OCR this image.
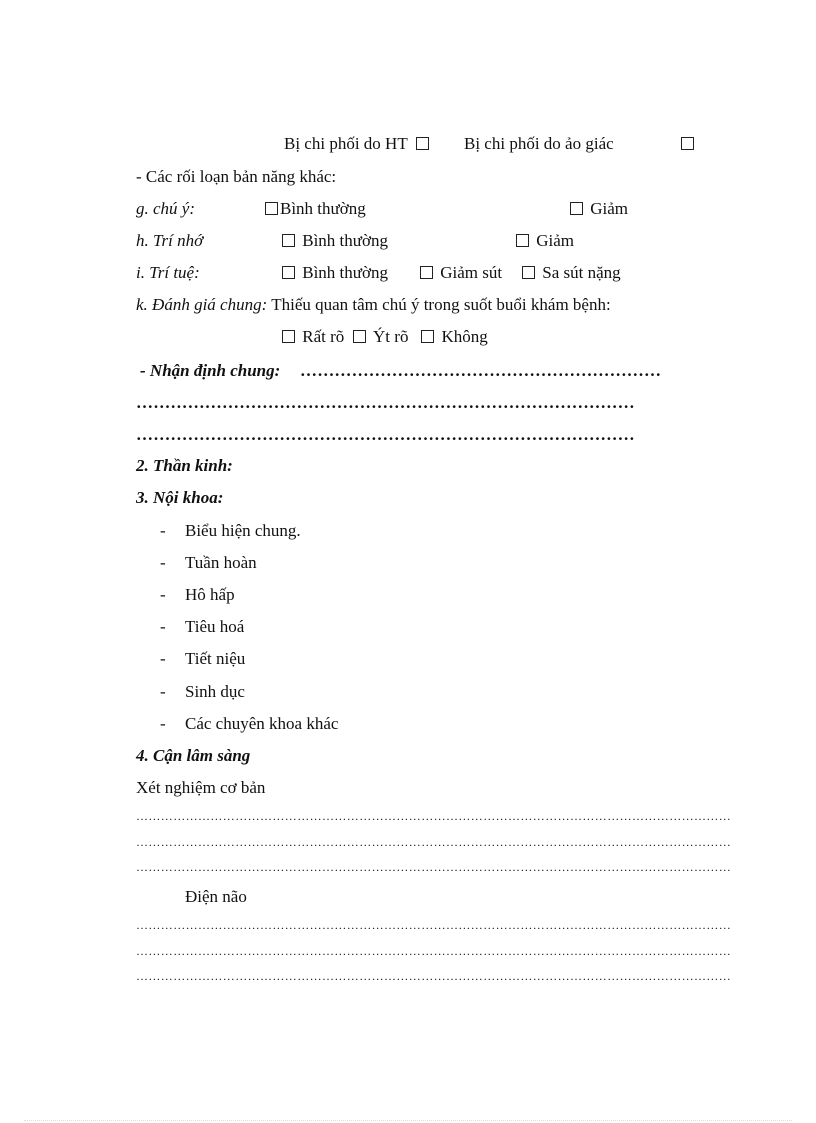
Bị chi phối do HT	Bị chi phối do ảo giác
- Các rối loạn bản năng khác:
g. chú ý:	Bình thường	Giảm
h. Trí nhớ	Bình thường	Giảm
i. Trí tuệ:	Bình thường	Giảm sút	Sa sút nặng
k. Đánh giá chung: Thiếu quan tâm chú ý trong suốt buổi khám bệnh:
Rất rõ Ýt rõ Không
- Nhận định chung: ………………………………………………………
……………………………………………………………………………
……………………………………………………………………………
2. Thần kinh:
3. Nội khoa:
- Biểu hiện chung.
- Tuần hoàn
- Hô hấp
- Tiêu hoá
- Tiết niệu
- Sinh dục
- Các chuyên khoa khác
4. Cận lâm sàng
Xét nghiệm cơ bản
………………………………………………………………………………………………………………………………
………………………………………………………………………………………………………………………………
………………………………………………………………………………………………………………………………
Điện não
………………………………………………………………………………………………………………………………
………………………………………………………………………………………………………………………………
………………………………………………………………………………………………………………………………
